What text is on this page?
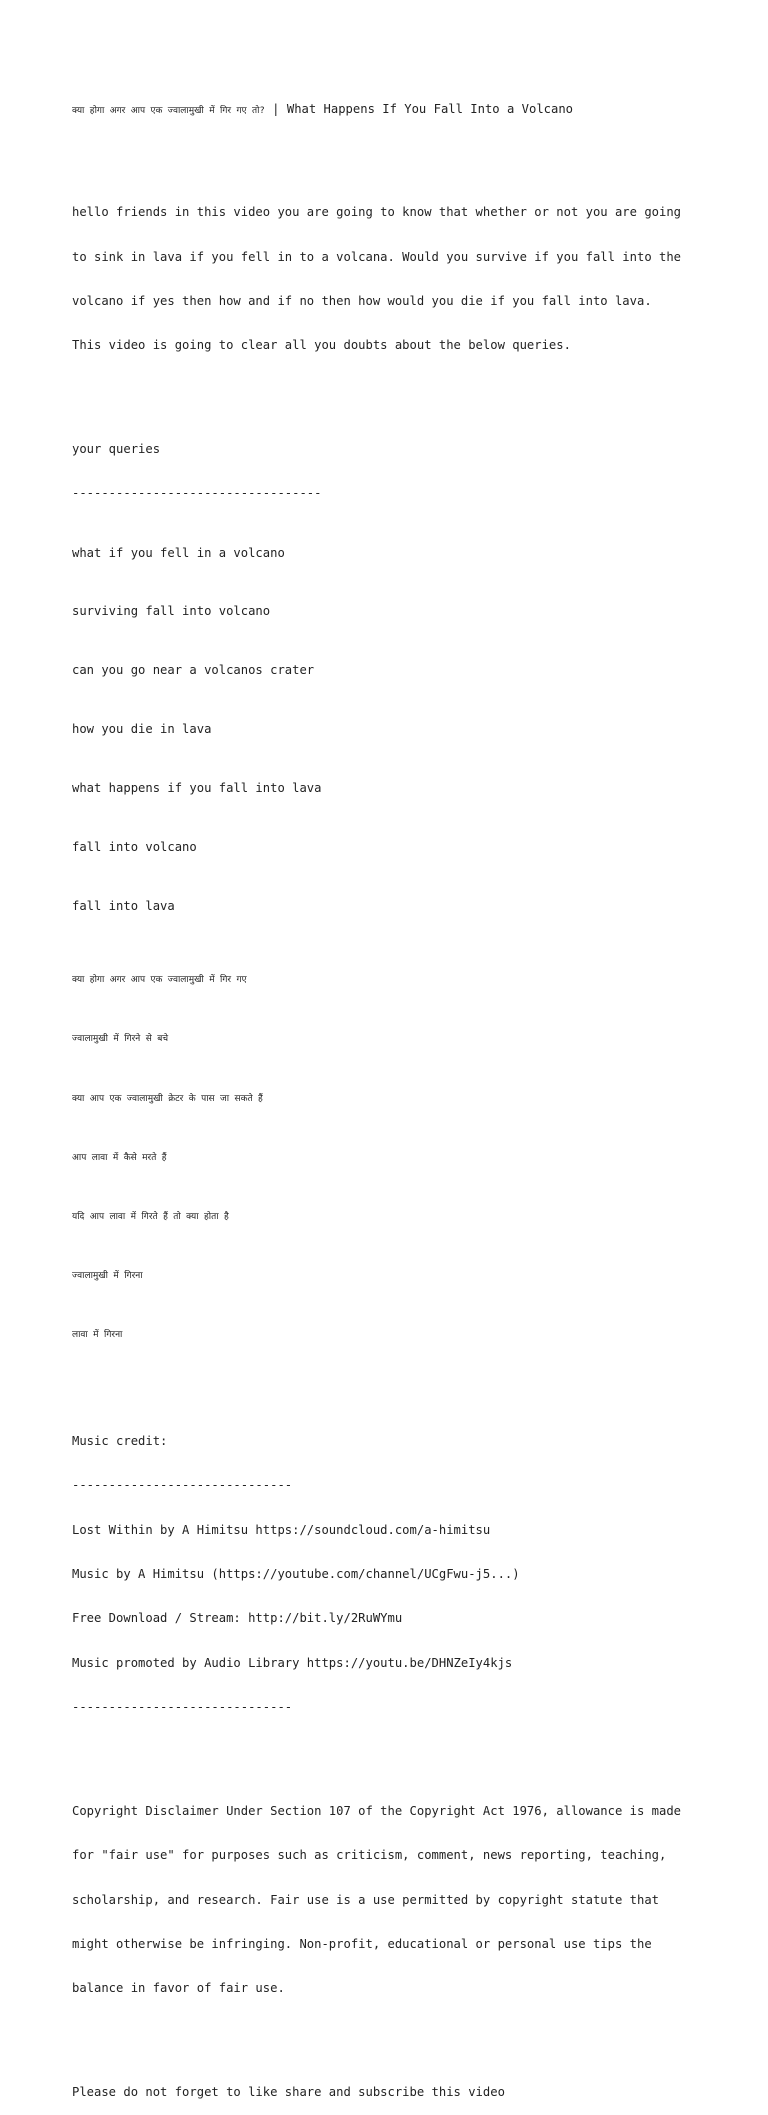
क्या होगा अगर आप एक ज्वालामुखी में गिर गए तो? | What Happens If You Fall Into a Volcano

hello friends in this video you are going to know that whether or not you are going

to sink in lava if you fell in to a volcana. Would you survive if you fall into the

volcano if yes then how and if no then how would you die if you fall into lava.

This video is going to clear all you doubts about the below queries.

your queries

----------------------------------

what if you fell in a volcano

surviving fall into volcano

can you go near a volcanos crater

how you die in lava

what happens if you fall into lava

fall into volcano

fall into lava

क्या होगा अगर आप एक ज्वालामुखी में गिर गए

ज्वालामुखी में गिरने से बचे

क्या आप एक ज्वालामुखी क्रेटर के पास जा सकते हैं

आप लावा में कैसे मरते हैं

यदि आप लावा में गिरते हैं तो क्या होता है

ज्वालामुखी में गिरना

लावा में गिरना

Music credit:

------------------------------

Lost Within by A Himitsu https://soundcloud.com/a-himitsu

Music by A Himitsu (https://youtube.com/channel/UCgFwu-j5...)

Free Download / Stream: http://bit.ly/2RuWYmu

Music promoted by Audio Library https://youtu.be/DHNZeIy4kjs

------------------------------

Copyright Disclaimer Under Section 107 of the Copyright Act 1976, allowance is made

for "fair use" for purposes such as criticism, comment, news reporting, teaching,

scholarship, and research. Fair use is a use permitted by copyright statute that

might otherwise be infringing. Non-profit, educational or personal use tips the

balance in favor of fair use.

Please do not forget to like share and subscribe this video
